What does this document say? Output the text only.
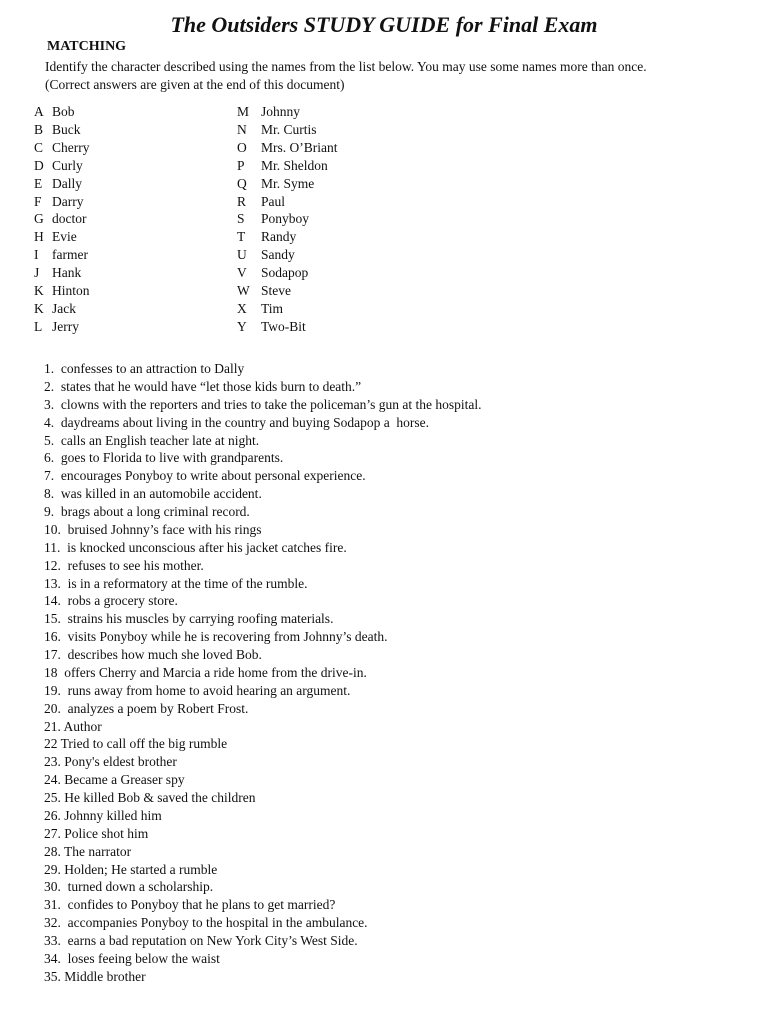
The Outsiders STUDY GUIDE for Final Exam
MATCHING
Identify the character described using the names from the list below. You may use some names more than once.
(Correct answers are given at the end of this document)
A Bob
B Buck
C Cherry
D Curly
E Dally
F Darry
G doctor
H Evie
I	farmer
J Hank
K Hinton
K Jack
L Jerry
M Johnny
N	Mr. Curtis
O	Mrs. O’Briant
P	Mr. Sheldon
Q	Mr. Syme
R	Paul
S	Ponyboy
T	Randy
U	Sandy
V	Sodapop
W Steve
X	Tim
Y	Two-Bit
1.  confesses to an attraction to Dally
2.  states that he would have “let those kids burn to death.”
3.  clowns with the reporters and tries to take the policeman’s gun at the hospital.
4.  daydreams about living in the country and buying Sodapop a  horse.
5.  calls an English teacher late at night.
6.  goes to Florida to live with grandparents.
7.  encourages Ponyboy to write about personal experience.
8.  was killed in an automobile accident.
9.  brags about a long criminal record.
10.  bruised Johnny’s face with his rings
11.  is knocked unconscious after his jacket catches fire.
12.  refuses to see his mother.
13.  is in a reformatory at the time of the rumble.
14.  robs a grocery store.
15.  strains his muscles by carrying roofing materials.
16.  visits Ponyboy while he is recovering from Johnny’s death.
17.  describes how much she loved Bob.
18  offers Cherry and Marcia a ride home from the drive-in.
19.  runs away from home to avoid hearing an argument.
20.  analyzes a poem by Robert Frost.
21. Author
22 Tried to call off the big rumble
23. Pony's eldest brother
24. Became a Greaser spy
25. He killed Bob & saved the children
26. Johnny killed him
27. Police shot him
28. The narrator
29. Holden; He started a rumble
30.  turned down a scholarship.
31.  confides to Ponyboy that he plans to get married?
32.  accompanies Ponyboy to the hospital in the ambulance.
33.  earns a bad reputation on New York City’s West Side.
34.  loses feeing below the waist
35. Middle brother
